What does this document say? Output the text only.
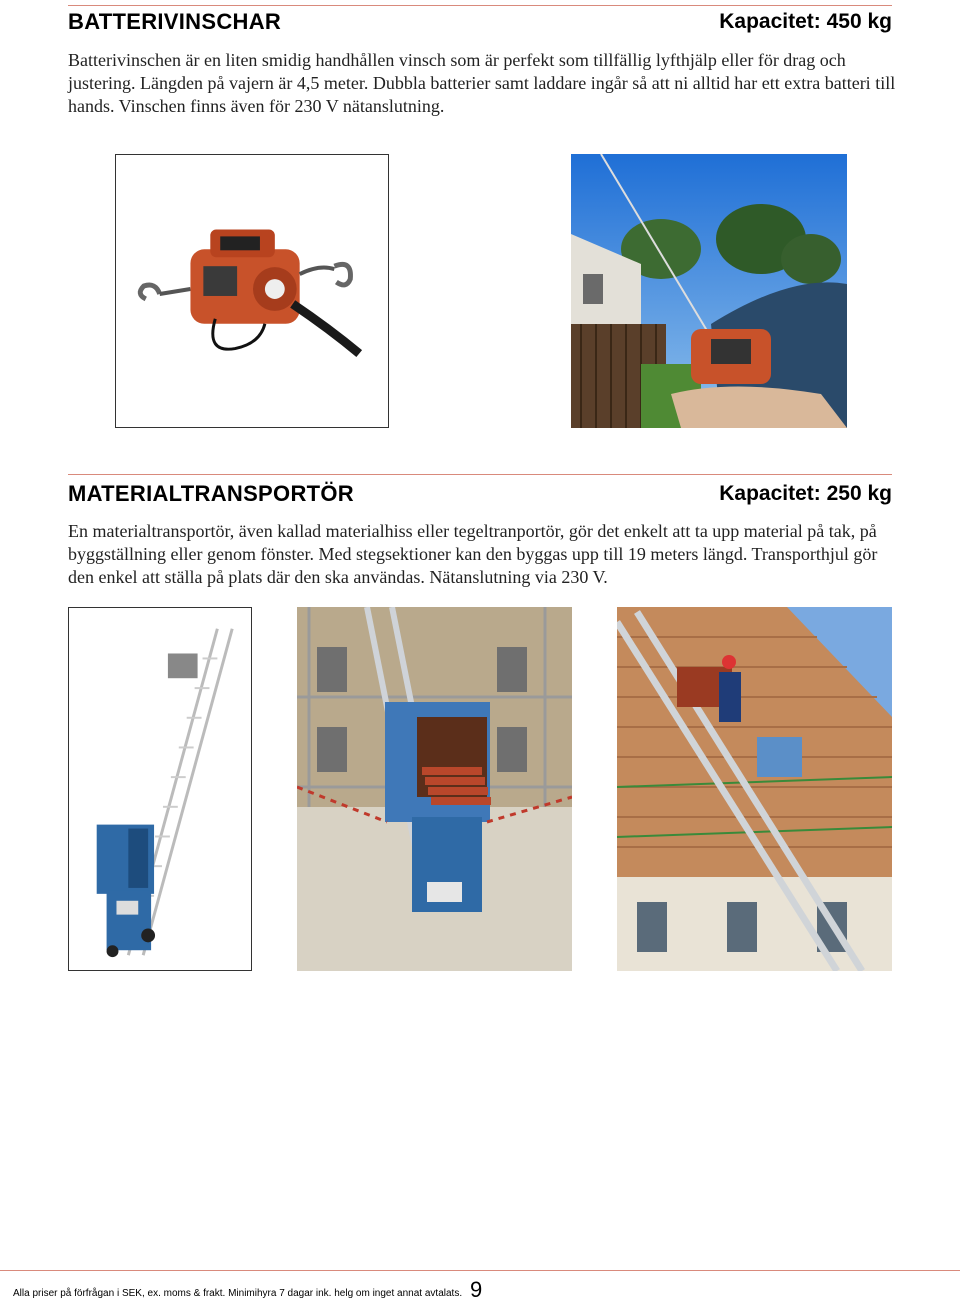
BATTERIVINSCHAR	Kapacitet: 450 kg

Batterivinschen är en liten smidig handhållen vinsch som är perfekt som tillfällig lyfthjälp eller för drag och justering. Längden på vajern är 4,5 meter. Dubbla batterier samt laddare ingår så att ni alltid har ett extra batteri till hands. Vinschen finns även för 230 V nätanslutning.

MATERIALTRANSPORTÖR	Kapacitet: 250 kg

En materialtransportör, även kallad materialhiss eller tegeltranportör, gör det enkelt att ta upp material på tak, på byggställning eller genom fönster. Med stegsektioner kan den byggas upp till 19 meters längd. Transporthjul gör den enkel att ställa på plats där den ska användas. Nätanslutning via 230 V.

Alla priser på förfrågan i SEK, ex. moms & frakt. Minimihyra 7 dagar ink. helg om inget annat avtalats. 9
